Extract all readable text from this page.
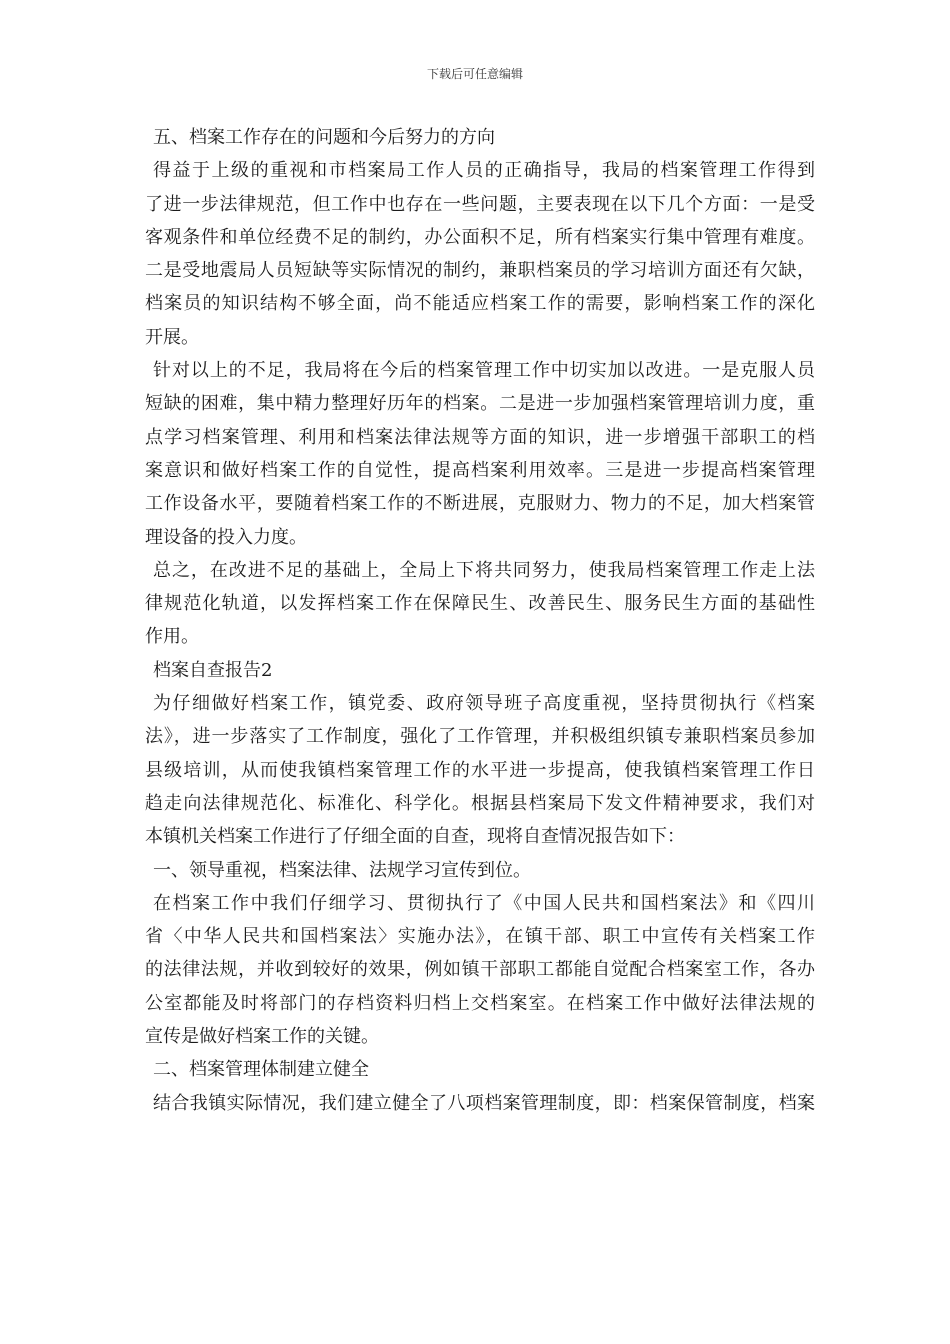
下载后可任意编辑
五、档案工作存在的问题和今后努力的方向
得益于上级的重视和市档案局工作人员的正确指导，我局的档案管理工作得到
了进一步法律规范，但工作中也存在一些问题，主要表现在以下几个方面：一是受
客观条件和单位经费不足的制约，办公面积不足，所有档案实行集中管理有难度。
二是受地震局人员短缺等实际情况的制约，兼职档案员的学习培训方面还有欠缺，
档案员的知识结构不够全面，尚不能适应档案工作的需要，影响档案工作的深化
开展。
针对以上的不足，我局将在今后的档案管理工作中切实加以改进。一是克服人员
短缺的困难，集中精力整理好历年的档案。二是进一步加强档案管理培训力度，重
点学习档案管理、利用和档案法律法规等方面的知识，进一步增强干部职工的档
案意识和做好档案工作的自觉性，提高档案利用效率。三是进一步提高档案管理
工作设备水平，要随着档案工作的不断进展，克服财力、物力的不足，加大档案管
理设备的投入力度。
总之，在改进不足的基础上，全局上下将共同努力，使我局档案管理工作走上法
律规范化轨道，以发挥档案工作在保障民生、改善民生、服务民生方面的基础性
作用。
档案自查报告2
为仔细做好档案工作，镇党委、政府领导班子高度重视，坚持贯彻执行《档案
法》，进一步落实了工作制度，强化了工作管理，并积极组织镇专兼职档案员参加
县级培训，从而使我镇档案管理工作的水平进一步提高，使我镇档案管理工作日
趋走向法律规范化、标准化、科学化。根据县档案局下发文件精神要求，我们对
本镇机关档案工作进行了仔细全面的自查，现将自查情况报告如下：
一、领导重视，档案法律、法规学习宣传到位。
在档案工作中我们仔细学习、贯彻执行了《中国人民共和国档案法》和《四川
省〈中华人民共和国档案法〉实施办法》，在镇干部、职工中宣传有关档案工作
的法律法规，并收到较好的效果，例如镇干部职工都能自觉配合档案室工作，各办
公室都能及时将部门的存档资料归档上交档案室。在档案工作中做好法律法规的
宣传是做好档案工作的关键。
二、档案管理体制建立健全
结合我镇实际情况，我们建立健全了八项档案管理制度，即：档案保管制度，档案
